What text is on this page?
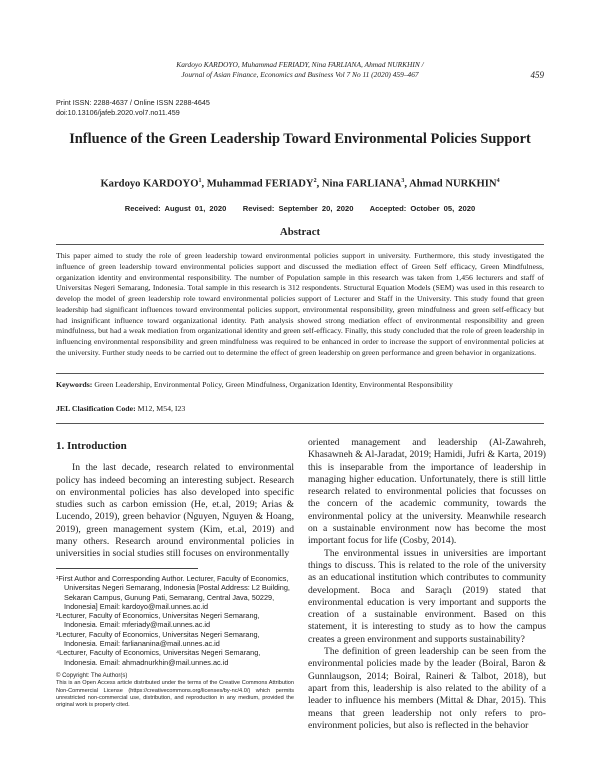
Kardoyo KARDOYO, Muhammad FERIADY, Nina FARLIANA, Ahmad NURKHIN /
Journal of Asian Finance, Economics and Business Vol 7 No 11 (2020) 459–467	459
Print ISSN: 2288-4637 / Online ISSN 2288-4645
doi:10.13106/jafeb.2020.vol7.no11.459
Influence of the Green Leadership Toward Environmental Policies Support
Kardoyo KARDOYO$^1$, Muhammad FERIADY$^2$, Nina FARLIANA$^3$, Ahmad NURKHIN$^4$
Received: August 01, 2020    Revised: September 20, 2020    Accepted: October 05, 2020
Abstract
This paper aimed to study the role of green leadership toward environmental policies support in university. Furthermore, this study investigated the influence of green leadership toward environmental policies support and discussed the mediation effect of Green Self efficacy, Green Mindfulness, organization identity and environmental responsibility. The number of Population sample in this research was taken from 1,456 lecturers and staff of Universitas Negeri Semarang, Indonesia. Total sample in this research is 312 respondents. Structural Equation Models (SEM) was used in this research to develop the model of green leadership role toward environmental policies support of Lecturer and Staff in the University. This study found that green leadership had significant influences toward environmental policies support, environmental responsibility, green mindfulness and green self-efficacy but had insignificant influence toward organizational identity. Path analysis showed strong mediation effect of environmental responsibility and green mindfulness, but had a weak mediation from organizational identity and green self-efficacy. Finally, this study concluded that the role of green leadership in influencing environmental responsibility and green mindfulness was required to be enhanced in order to increase the support of environmental policies at the university. Further study needs to be carried out to determine the effect of green leadership on green performance and green behavior in organizations.
Keywords: Green Leadership, Environmental Policy, Green Mindfulness, Organization Identity, Environmental Responsibility
JEL Clasification Code: M12, M54, I23
1. Introduction

In the last decade, research related to environmental policy has indeed becoming an interesting subject. Research on environmental policies has also developed into specific studies such as carbon emission (He, et.al, 2019; Arias & Lucendo, 2019), green behavior (Nguyen, Nguyen & Hoang, 2019), green management system (Kim, et.al, 2019) and many others. Research around environmental policies in universities in social studies still focuses on environmentally

¹First Author and Corresponding Author. Lecturer, Faculty of Economics, Universitas Negeri Semarang, Indonesia [Postal Address: L2 Building, Sekaran Campus, Gunung Pati, Semarang, Central Java, 50229, Indonesia] Email: kardoyo@mail.unnes.ac.id

²Lecturer, Faculty of Economics, Universitas Negeri Semarang, Indonesia. Email: mferiady@mail.unnes.ac.id

³Lecturer, Faculty of Economics, Universitas Negeri Semarang, Indonesia. Email: farliananina@mail.unnes.ac.id

⁴Lecturer, Faculty of Economics, Universitas Negeri Semarang, Indonesia. Email: ahmadnurkhin@mail.unnes.ac.id

© Copyright: The Author(s)

This is an Open Access article distributed under the terms of the Creative Commons Attribution Non-Commercial License (https://creativecommons.org/licenses/by-nc/4.0/) which permits unrestricted non-commercial use, distribution, and reproduction in any medium, provided the original work is properly cited.

oriented management and leadership (Al-Zawahreh, Khasawneh & Al-Jaradat, 2019; Hamidi, Jufri & Karta, 2019) this is inseparable from the importance of leadership in managing higher education. Unfortunately, there is still little research related to environmental policies that focusses on the concern of the academic community, towards the environmental policy at the university. Meanwhile research on a sustainable environment now has become the most important focus for life (Cosby, 2014).

The environmental issues in universities are important things to discuss. This is related to the role of the university as an educational institution which contributes to community development. Boca and Saraçlı (2019) stated that environmental education is very important and supports the creation of a sustainable environment. Based on this statement, it is interesting to study as to how the campus creates a green environment and supports sustainability?

The definition of green leadership can be seen from the environmental policies made by the leader (Boiral, Baron & Gunnlaugson, 2014; Boiral, Raineri & Talbot, 2018), but apart from this, leadership is also related to the ability of a leader to influence his members (Mittal & Dhar, 2015). This means that green leadership not only refers to pro-environment policies, but also is reflected in the behavior
